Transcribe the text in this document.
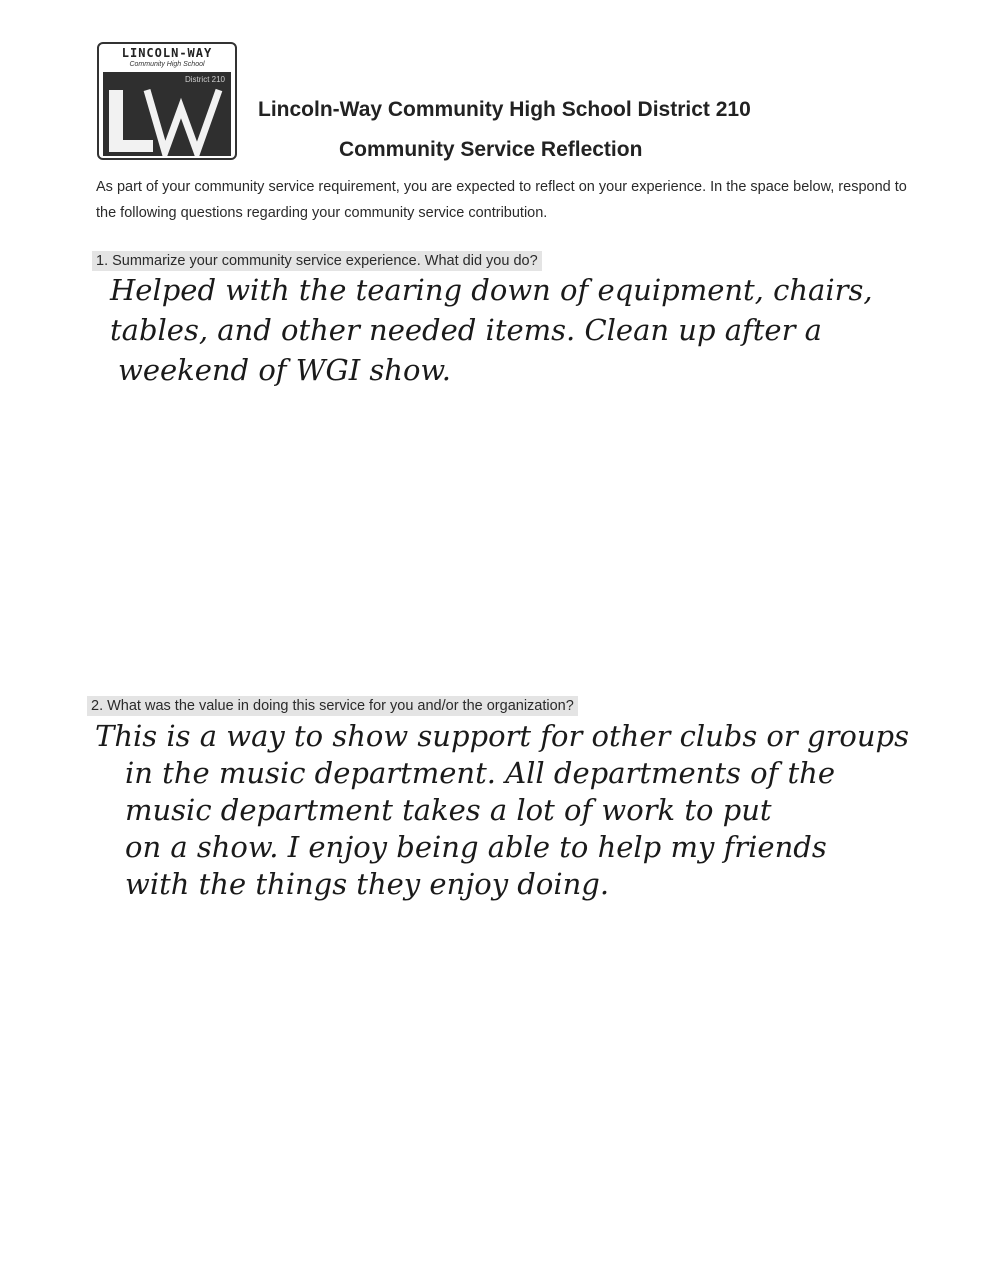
LINCOLN-WAY
Community High School
District 210
Lincoln-Way Community High School District 210
Community Service Reflection
As part of your community service requirement, you are expected to reflect on your experience. In the space below, respond to the following questions regarding your community service contribution.
1. Summarize your community service experience. What did you do?
Helped with the tearing down of equipment, chairs,
tables, and other needed items. Clean up after a
weekend of WGI show.
2. What was the value in doing this service for you and/or the organization?
This is a way to show support for other clubs or groups
in the music department. All departments of the
music department takes a lot of work to put
on a show. I enjoy being able to help my friends
with the things they enjoy doing.
